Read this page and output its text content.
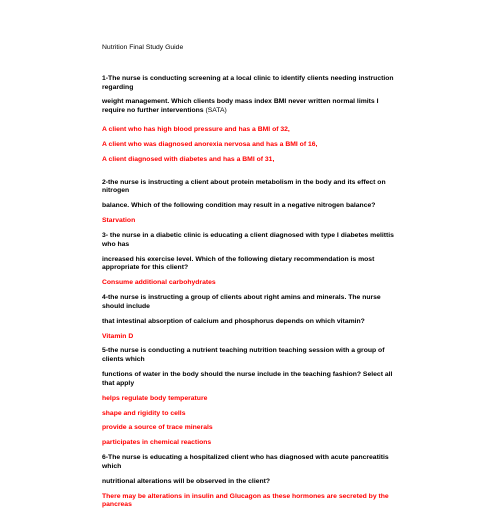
Nutrition Final Study Guide

1-The nurse is conducting screening at a local clinic to identify clients needing instruction regarding

weight management. Which clients body mass index BMI never written normal limits I require no further interventions (SATA)

A client who has high blood pressure and has a BMI of 32,

A client who was diagnosed anorexia nervosa and has a BMI of 16,

A client diagnosed with diabetes and has a BMI of 31,

2-the nurse is instructing a client about protein metabolism in the body and its effect on nitrogen

balance. Which of the following condition may result in a negative nitrogen balance?

Starvation

3- the nurse in a diabetic clinic is educating a client diagnosed with type I diabetes melittis who has

increased his exercise level. Which of the following dietary recommendation is most appropriate for this client?

Consume additional carbohydrates

4-the nurse is instructing a group of clients about right amins and minerals. The nurse should include

that intestinal absorption of calcium and phosphorus depends on which vitamin?

Vitamin D

5-the nurse is conducting a nutrient teaching nutrition teaching session with a group of clients which

functions of water in the body should the nurse include in the teaching fashion? Select all that apply

helps regulate body temperature

shape and rigidity to cells

provide a source of trace minerals

participates in chemical reactions

6-The nurse is educating a hospitalized client who has diagnosed with acute pancreatitis which

nutritional alterations will be observed in the client?

There may be alterations in insulin and Glucagon as these hormones are secreted by the pancreas
